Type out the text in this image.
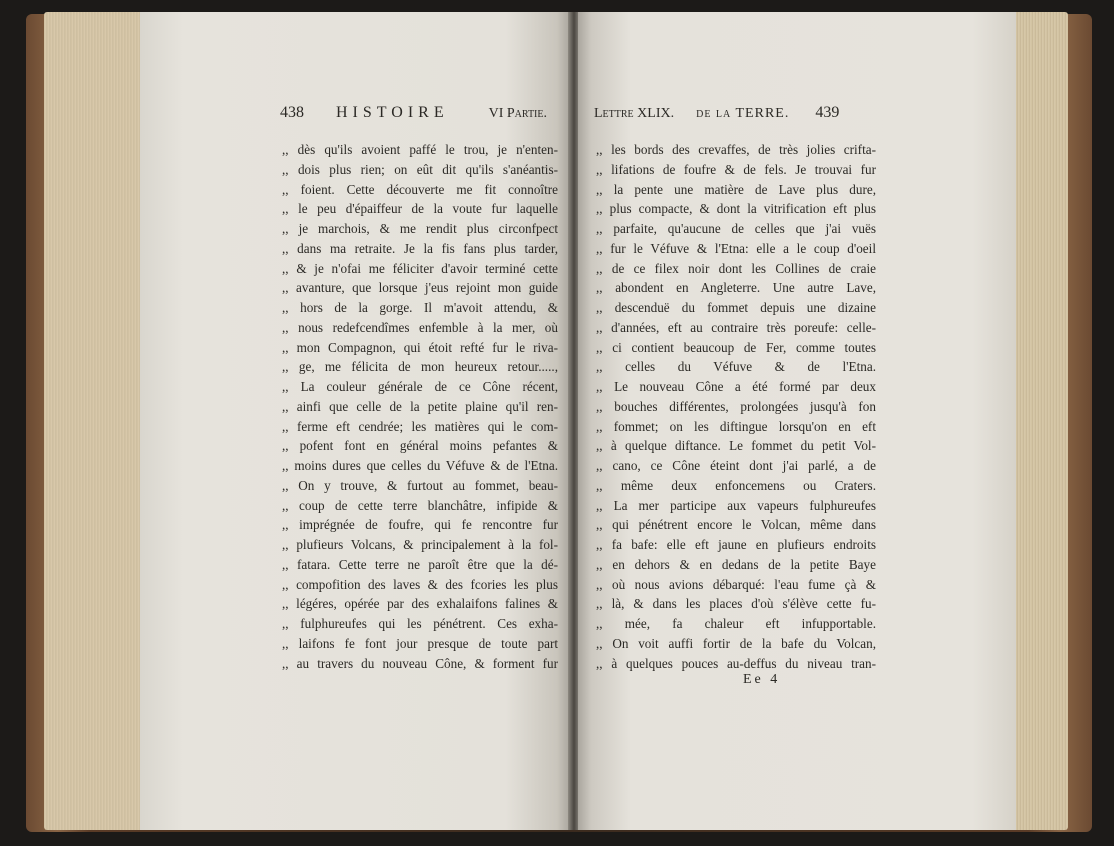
438 HISTOIRE	VI Partie.
,, dès qu'ils avoient paffé le trou, je n'enten-
,, dois plus rien; on eût dit qu'ils s'anéantis-
,, foient. Cette découverte me fit connoître
,, le peu d'épaiffeur de la voute fur laquelle
,, je marchois, & me rendit plus circonfpect
,, dans ma retraite. Je la fis fans plus tarder,
,, & je n'ofai me féliciter d'avoir terminé cette
,, avanture, que lorsque j'eus rejoint mon guide
,, hors de la gorge. Il m'avoit attendu, &
,, nous redefcendîmes enfemble à la mer, où
,, mon Compagnon, qui étoit refté fur le riva-
,, ge, me félicita de mon heureux retour.....,
,, La couleur générale de ce Cône récent,
,, ainfi que celle de la petite plaine qu'il ren-
,, ferme eft cendrée; les matières qui le com-
,, pofent font en général moins pefantes &
,, moins dures que celles du Véfuve & de l'Etna.
,, On y trouve, & furtout au fommet, beau-
,, coup de cette terre blanchâtre, infipide &
,, imprégnée de foufre, qui fe rencontre fur
,, plufieurs Volcans, & principalement à la fol-
,, fatara. Cette terre ne paroît être que la dé-
,, compofition des laves & des fcories les plus
,, légéres, opérée par des exhalaifons falines &
,, fulphureufes qui les pénétrent. Ces exha-
,, laifons fe font jour presque de toute part
,, au travers du nouveau Cône, & forment fur
Lettre XLIX. de la TERRE. 439
,, les bords des crevaffes, de très jolies crifta-
,, lifations de foufre & de fels. Je trouvai fur
,, la pente une matière de Lave plus dure,
,, plus compacte, & dont la vitrification eft plus
,, parfaite, qu'aucune de celles que j'ai vuës
,, fur le Véfuve & l'Etna: elle a le coup d'oeil
,, de ce filex noir dont les Collines de craie
,, abondent en Angleterre. Une autre Lave,
,, descenduë du fommet depuis une dizaine
,, d'années, eft au contraire très poreufe: celle-
,, ci contient beaucoup de Fer, comme toutes
,, celles du Véfuve & de l'Etna.
,, Le nouveau Cône a été formé par deux
,, bouches différentes, prolongées jusqu'à fon
,, fommet; on les diftingue lorsqu'on en eft
,, à quelque diftance. Le fommet du petit Vol-
,, cano, ce Cône éteint dont j'ai parlé, a de
,, même deux enfoncemens ou Craters.
,, La mer participe aux vapeurs fulphureufes
,, qui pénétrent encore le Volcan, même dans
,, fa bafe: elle eft jaune en plufieurs endroits
,, en dehors & en dedans de la petite Baye
,, où nous avions débarqué: l'eau fume çà &
,, là, & dans les places d'où s'élève cette fu-
,, mée, fa chaleur eft infupportable.
,, On voit auffi fortir de la bafe du Volcan,
,, à quelques pouces au-deffus du niveau tran-
Ee 4
